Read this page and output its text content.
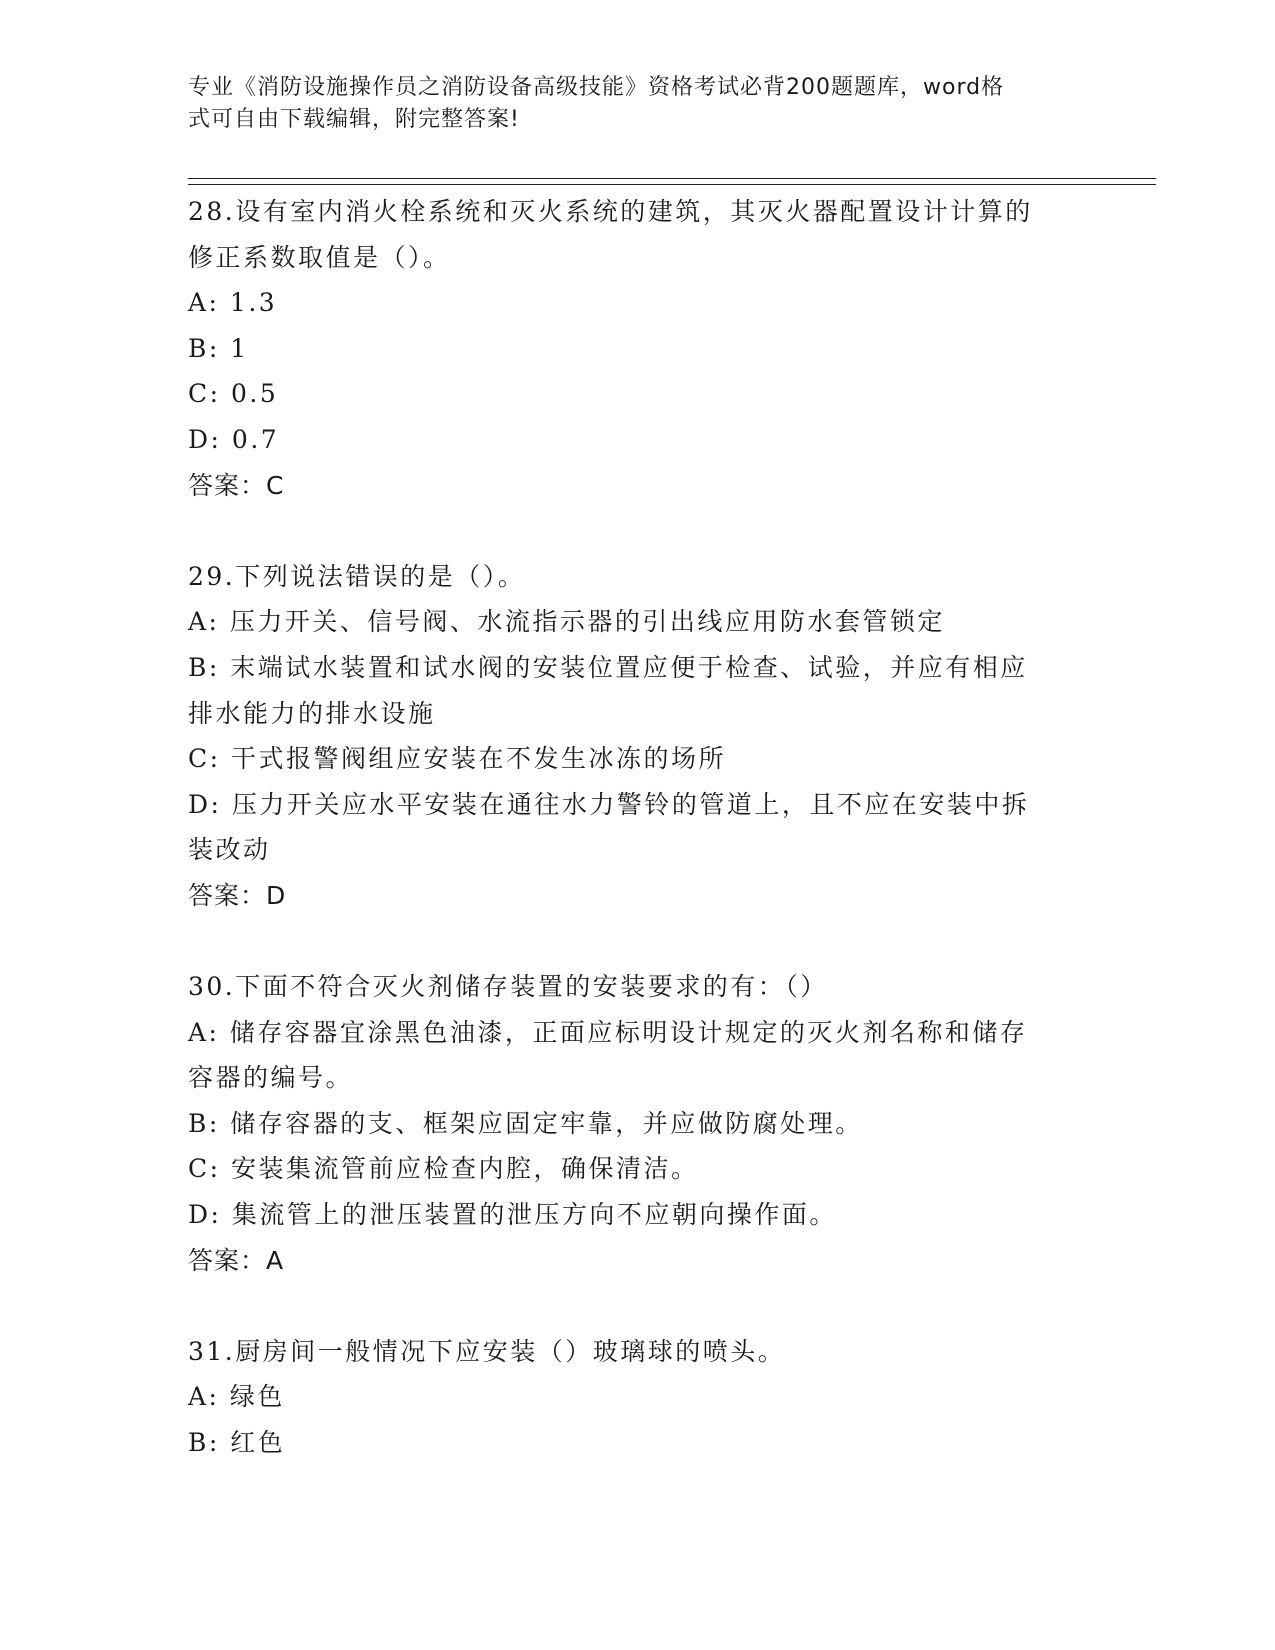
专业《消防设施操作员之消防设备高级技能》资格考试必背200题题库，word格
式可自由下载编辑，附完整答案!
28.设有室内消火栓系统和灭火系统的建筑，其灭火器配置设计计算的
修正系数取值是（）。
A: 1.3
B: 1
C: 0.5
D: 0.7
答案：C
29.下列说法错误的是（）。
A: 压力开关、信号阀、水流指示器的引出线应用防水套管锁定
B: 末端试水装置和试水阀的安装位置应便于检查、试验，并应有相应
排水能力的排水设施
C: 干式报警阀组应安装在不发生冰冻的场所
D: 压力开关应水平安装在通往水力警铃的管道上，且不应在安装中拆
装改动
答案：D
30.下面不符合灭火剂储存装置的安装要求的有：（）
A: 储存容器宜涂黑色油漆，正面应标明设计规定的灭火剂名称和储存
容器的编号。
B: 储存容器的支、框架应固定牢靠，并应做防腐处理。
C: 安装集流管前应检查内腔，确保清洁。
D: 集流管上的泄压装置的泄压方向不应朝向操作面。
答案：A
31.厨房间一般情况下应安装（）玻璃球的喷头。
A: 绿色
B: 红色
